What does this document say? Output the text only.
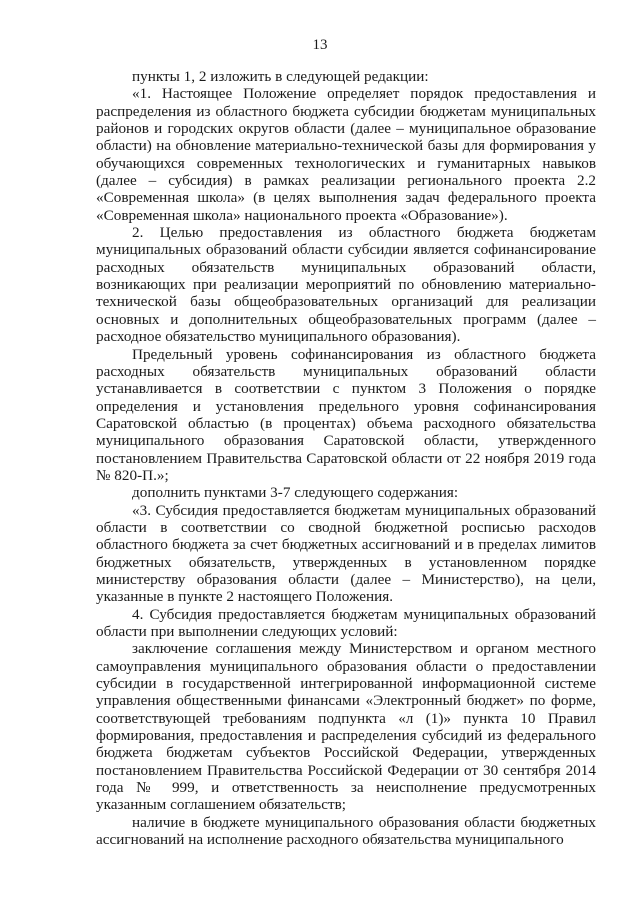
13

пункты 1, 2 изложить в следующей редакции:

«1. Настоящее Положение определяет порядок предоставления и распределения из областного бюджета субсидии бюджетам муниципальных районов и городских округов области (далее – муниципальное образование области) на обновление материально-технической базы для формирования у обучающихся современных технологических и гуманитарных навыков (далее – субсидия) в рамках реализации регионального проекта 2.2 «Современная школа» (в целях выполнения задач федерального проекта «Современная школа» национального проекта «Образование»).

2. Целью предоставления из областного бюджета бюджетам муниципальных образований области субсидии является софинансирование расходных обязательств муниципальных образований области, возникающих при реализации мероприятий по обновлению материально-технической базы общеобразовательных организаций для реализации основных и дополнительных общеобразовательных программ (далее – расходное обязательство муниципального образования).

Предельный уровень софинансирования из областного бюджета расходных обязательств муниципальных образований области устанавливается в соответствии с пунктом 3 Положения о порядке определения и установления предельного уровня софинансирования Саратовской областью (в процентах) объема расходного обязательства муниципального образования Саратовской области, утвержденного постановлением Правительства Саратовской области от 22 ноября 2019 года № 820-П.»;

дополнить пунктами 3-7 следующего содержания:

«3. Субсидия предоставляется бюджетам муниципальных образований области в соответствии со сводной бюджетной росписью расходов областного бюджета за счет бюджетных ассигнований и в пределах лимитов бюджетных обязательств, утвержденных в установленном порядке министерству образования области (далее – Министерство), на цели, указанные в пункте 2 настоящего Положения.

4. Субсидия предоставляется бюджетам муниципальных образований области при выполнении следующих условий:

заключение соглашения между Министерством и органом местного самоуправления муниципального образования области о предоставлении субсидии в государственной интегрированной информационной системе управления общественными финансами «Электронный бюджет» по форме, соответствующей требованиям подпункта «л (1)» пункта 10 Правил формирования, предоставления и распределения субсидий из федерального бюджета бюджетам субъектов Российской Федерации, утвержденных постановлением Правительства Российской Федерации от 30 сентября 2014 года № 999, и ответственность за неисполнение предусмотренных указанным соглашением обязательств;

наличие в бюджете муниципального образования области бюджетных ассигнований на исполнение расходного обязательства муниципального
